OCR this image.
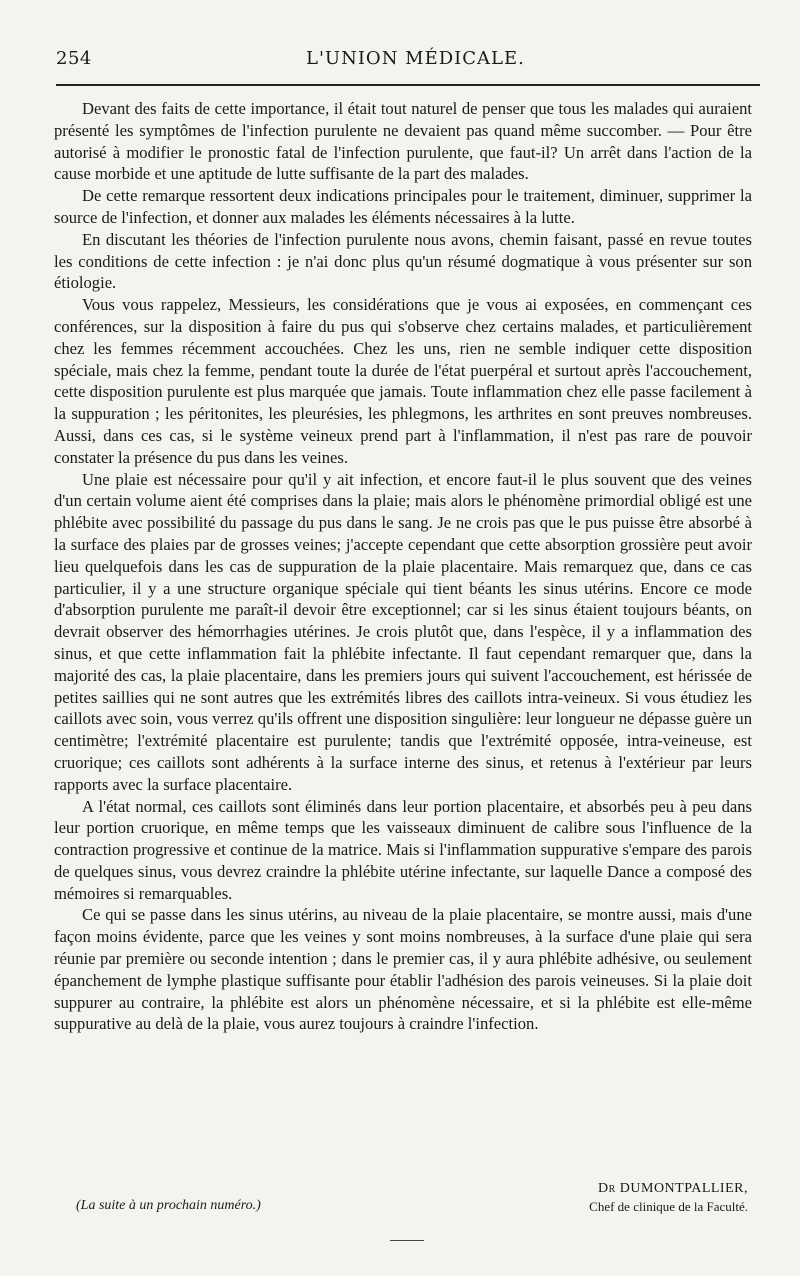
254	L'UNION MÉDICALE.

Devant des faits de cette importance, il était tout naturel de penser que tous les malades qui auraient présenté les symptômes de l'infection purulente ne devaient pas quand même succomber. — Pour être autorisé à modifier le pronostic fatal de l'infection purulente, que faut-il? Un arrêt dans l'action de la cause morbide et une aptitude de lutte suffisante de la part des malades.

De cette remarque ressortent deux indications principales pour le traitement, diminuer, supprimer la source de l'infection, et donner aux malades les éléments nécessaires à la lutte.

En discutant les théories de l'infection purulente nous avons, chemin faisant, passé en revue toutes les conditions de cette infection : je n'ai donc plus qu'un résumé dogmatique à vous présenter sur son étiologie.

Vous vous rappelez, Messieurs, les considérations que je vous ai exposées, en commençant ces conférences, sur la disposition à faire du pus qui s'observe chez certains malades, et particulièrement chez les femmes récemment accouchées. Chez les uns, rien ne semble indiquer cette disposition spéciale, mais chez la femme, pendant toute la durée de l'état puerpéral et surtout après l'accouchement, cette disposition purulente est plus marquée que jamais. Toute inflammation chez elle passe facilement à la suppuration ; les péritonites, les pleurésies, les phlegmons, les arthrites en sont preuves nombreuses. Aussi, dans ces cas, si le système veineux prend part à l'inflammation, il n'est pas rare de pouvoir constater la présence du pus dans les veines.

Une plaie est nécessaire pour qu'il y ait infection, et encore faut-il le plus souvent que des veines d'un certain volume aient été comprises dans la plaie; mais alors le phénomène primordial obligé est une phlébite avec possibilité du passage du pus dans le sang. Je ne crois pas que le pus puisse être absorbé à la surface des plaies par de grosses veines; j'accepte cependant que cette absorption grossière peut avoir lieu quelquefois dans les cas de suppuration de la plaie placentaire. Mais remarquez que, dans ce cas particulier, il y a une structure organique spéciale qui tient béants les sinus utérins. Encore ce mode d'absorption purulente me paraît-il devoir être exceptionnel; car si les sinus étaient toujours béants, on devrait observer des hémorrhagies utérines. Je crois plutôt que, dans l'espèce, il y a inflammation des sinus, et que cette inflammation fait la phlébite infectante. Il faut cependant remarquer que, dans la majorité des cas, la plaie placentaire, dans les premiers jours qui suivent l'accouchement, est hérissée de petites saillies qui ne sont autres que les extrémités libres des caillots intra-veineux. Si vous étudiez les caillots avec soin, vous verrez qu'ils offrent une disposition singulière: leur longueur ne dépasse guère un centimètre; l'extrémité placentaire est purulente; tandis que l'extrémité opposée, intra-veineuse, est cruorique; ces caillots sont adhérents à la surface interne des sinus, et retenus à l'extérieur par leurs rapports avec la surface placentaire.

A l'état normal, ces caillots sont éliminés dans leur portion placentaire, et absorbés peu à peu dans leur portion cruorique, en même temps que les vaisseaux diminuent de calibre sous l'influence de la contraction progressive et continue de la matrice. Mais si l'inflammation suppurative s'empare des parois de quelques sinus, vous devrez craindre la phlébite utérine infectante, sur laquelle Dance a composé des mémoires si remarquables.

Ce qui se passe dans les sinus utérins, au niveau de la plaie placentaire, se montre aussi, mais d'une façon moins évidente, parce que les veines y sont moins nombreuses, à la surface d'une plaie qui sera réunie par première ou seconde intention ; dans le premier cas, il y aura phlébite adhésive, ou seulement épanchement de lymphe plastique suffisante pour établir l'adhésion des parois veineuses. Si la plaie doit suppurer au contraire, la phlébite est alors un phénomène nécessaire, et si la phlébite est elle-même suppurative au delà de la plaie, vous aurez toujours à craindre l'infection.

Dr DUMONTPALLIER,
Chef de clinique de la Faculté.
(La suite à un prochain numéro.)
